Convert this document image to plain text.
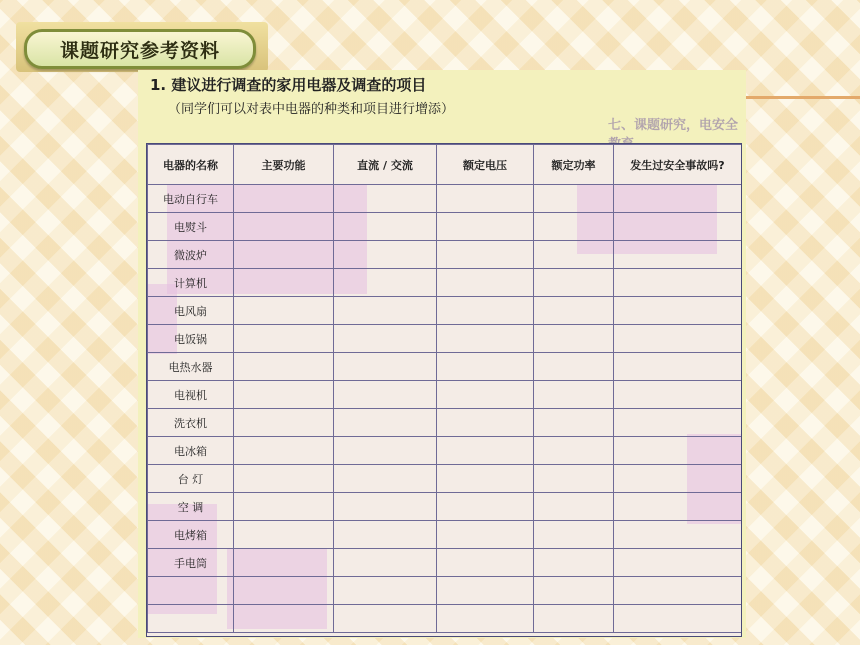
课题研究参考资料
1. 建议进行调查的家用电器及调查的项目
（同学们可以对表中电器的种类和项目进行增添）
七、课题研究，电安全
电器的名称	主要功能	直流 / 交流	额定电压	额定功率	发生过安全事故吗?
电动自行车					
电熨斗					
微波炉					
计算机					
电风扇					
电饭锅					
电热水器					
电视机					
洗衣机					
电冰箱					
台 灯					
空 调					
电烤箱					
手电筒					
